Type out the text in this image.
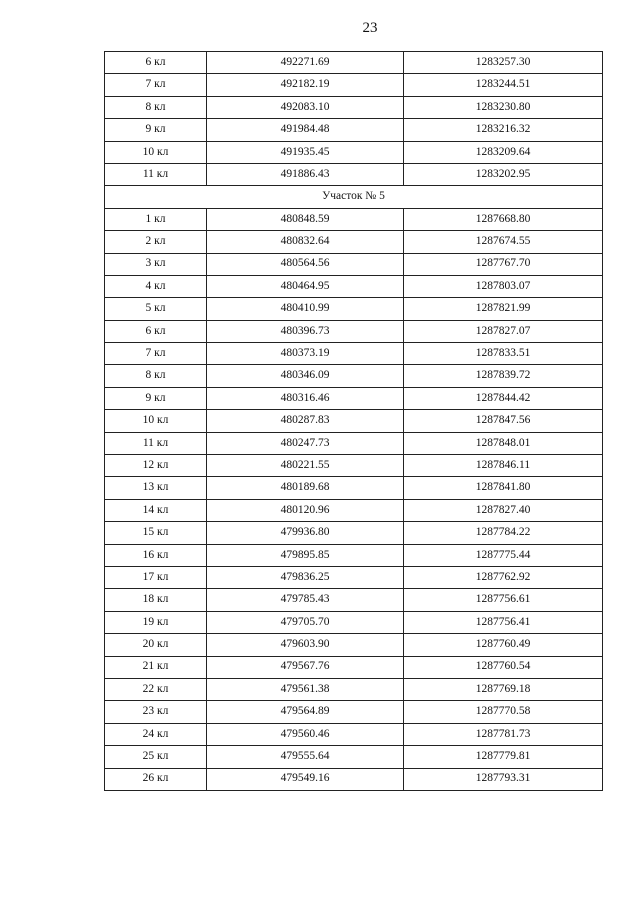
23
6 кл	492271.69	1283257.30
7 кл	492182.19	1283244.51
8 кл	492083.10	1283230.80
9 кл	491984.48	1283216.32
10 кл	491935.45	1283209.64
11 кл	491886.43	1283202.95
Участок № 5		
1 кл	480848.59	1287668.80
2 кл	480832.64	1287674.55
3 кл	480564.56	1287767.70
4 кл	480464.95	1287803.07
5 кл	480410.99	1287821.99
6 кл	480396.73	1287827.07
7 кл	480373.19	1287833.51
8 кл	480346.09	1287839.72
9 кл	480316.46	1287844.42
10 кл	480287.83	1287847.56
11 кл	480247.73	1287848.01
12 кл	480221.55	1287846.11
13 кл	480189.68	1287841.80
14 кл	480120.96	1287827.40
15 кл	479936.80	1287784.22
16 кл	479895.85	1287775.44
17 кл	479836.25	1287762.92
18 кл	479785.43	1287756.61
19 кл	479705.70	1287756.41
20 кл	479603.90	1287760.49
21 кл	479567.76	1287760.54
22 кл	479561.38	1287769.18
23 кл	479564.89	1287770.58
24 кл	479560.46	1287781.73
25 кл	479555.64	1287779.81
26 кл	479549.16	1287793.31
